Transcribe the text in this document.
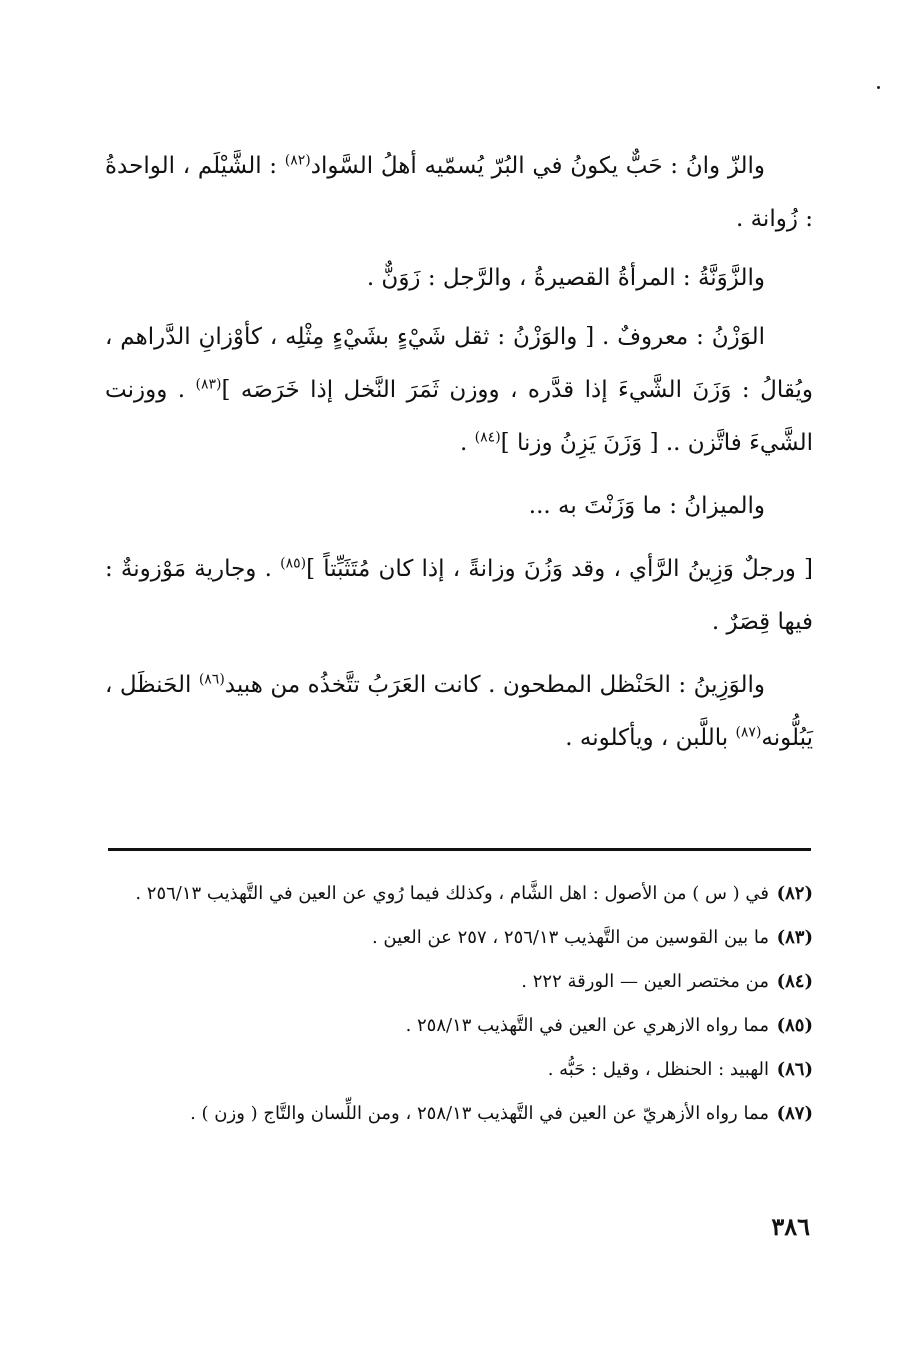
والزّ وانُ : حَبٌّ يكونُ في البُرّ يُسمّيه أهلُ السَّواد$^{(٨٢)}$ : الشَّيْلَم ، الواحدةُ : زُوانة .

والزَّوَنَّةُ : المرأةُ القصيرةُ ، والرَّجل : زَوَنٌّ .

الوَزْنُ : معروفٌ . [ والوَزْنُ : ثقل شَيْءٍ بشَيْءٍ مِثْلِه ، كأوْزانِ الدَّراهم ، ويُقالُ : وَزَنَ الشَّيءَ إذا قدَّره ، ووزن ثَمَرَ النَّخل إذا خَرَصَه ]$^{(٨٣)}$ . ووزنت الشَّيءَ فاتَّزن .. [ وَزَنَ يَزِنُ وزنا ]$^{(٨٤)}$ .

والميزانُ : ما وَزَنْتَ به ...

[ ورجلٌ وَزِينُ الرَّأي ، وقد وَزُنَ وزانةً ، إذا كان مُتَثَبِّتاً ]$^{(٨٥)}$ . وجارية مَوْزونةٌ : فيها قِصَرٌ .

والوَزِينُ : الحَنْظل المطحون . كانت العَرَبُ تتَّخذُه من هبيد$^{(٨٦)}$ الحَنظَل ، يَبُلُّونه$^{(٨٧)}$ باللَّبن ، ويأكلونه .

(٨٢)
في ( س ) من الأصول : اهل الشَّام ، وكذلك فيما رُوي عن العين في التَّهذيب ٢٥٦/١٣ .
(٨٣)
ما بين القوسين من التَّهذيب ٢٥٦/١٣ ، ٢٥٧ عن العين .
(٨٤)
من مختصر العين — الورقة ٢٢٢ .
(٨٥)
مما رواه الازهري عن العين في التَّهذيب ٢٥٨/١٣ .
(٨٦)
الهبيد : الحنظل ، وقيل : حَبُّه .
(٨٧)
مما رواه الأزهريّ عن العين في التَّهذيب ٢٥٨/١٣ ، ومن اللِّسان والتَّاج ( وزن ) .
٣٨٦
